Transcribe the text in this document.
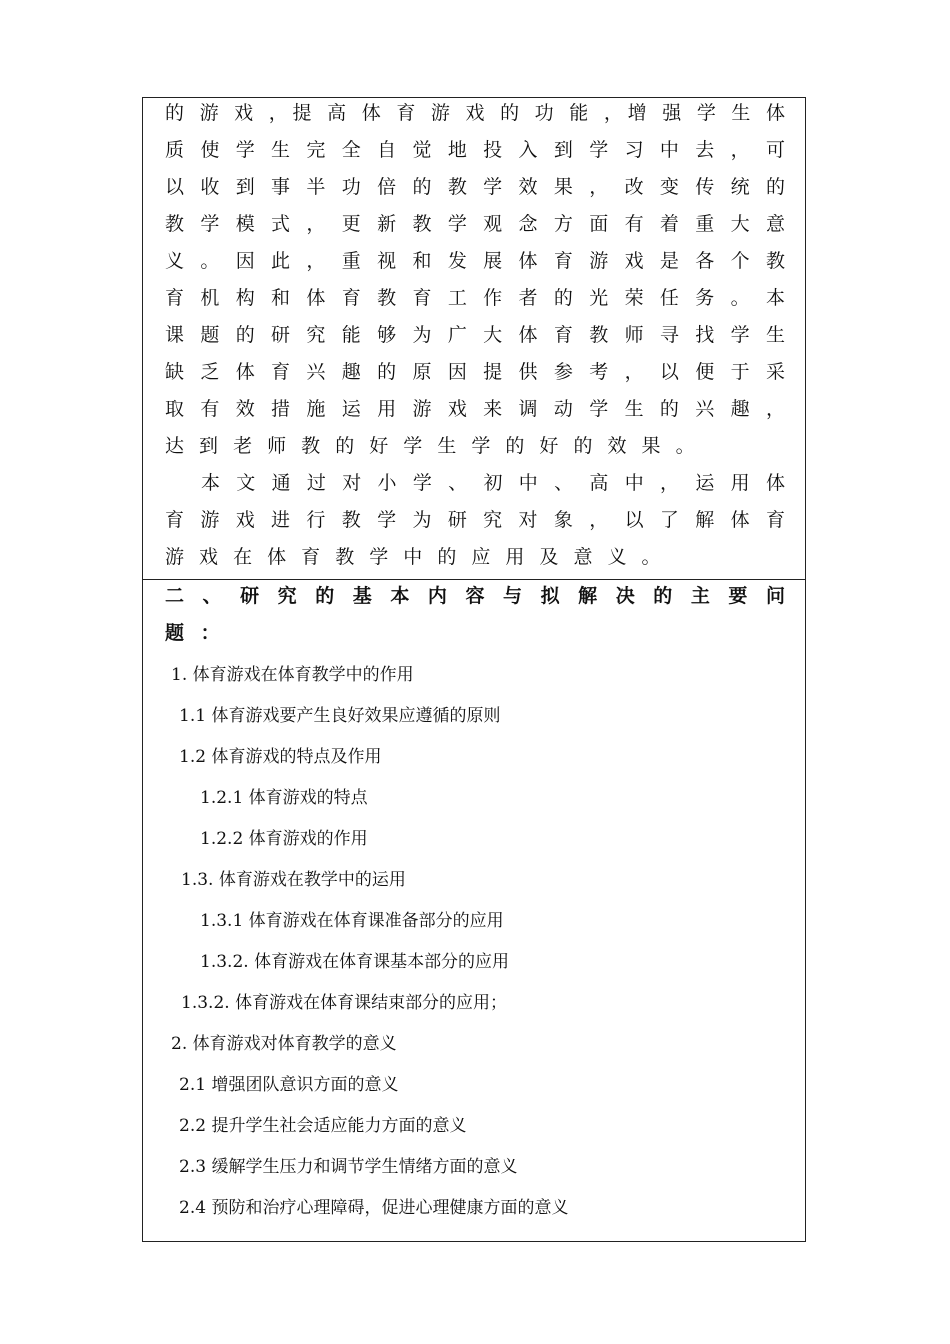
的 游 戏 ，提 高 体 育 游 戏 的 功 能 ，增 强 学 生 体
质 使 学 生 完 全 自 觉 地 投 入 到 学 习 中 去 ， 可
以 收 到 事 半 功 倍 的 教 学 效 果 ， 改 变 传 统 的
教 学 模 式 ， 更 新 教 学 观 念 方 面 有 着 重 大 意
义 。 因 此 ， 重 视 和 发 展 体 育 游 戏 是 各 个 教
育 机 构 和 体 育 教 育 工 作 者 的 光 荣 任 务 。 本
课 题 的 研 究 能 够 为 广 大 体 育 教 师 寻 找 学 生
缺 乏 体 育 兴 趣 的 原 因 提 供 参 考 ， 以 便 于 采
取 有 效 措 施 运 用 游 戏 来 调 动 学 生 的 兴 趣 ，
达 到 老 师 教 的 好 学 生 学 的 好 的 效 果 。
本 文 通 过 对 小 学 、 初 中 、 高 中 ， 运 用 体
育 游 戏 进 行 教 学 为 研 究 对 象 ， 以 了 解 体 育
游 戏 在 体 育 教 学 中 的 应 用 及 意 义 。
二 、 研 究 的 基 本 内 容 与 拟 解 决 的 主 要 问
题 ：
1. 体育游戏在体育教学中的作用
1.1 体育游戏要产生良好效果应遵循的原则
1.2 体育游戏的特点及作用
1.2.1 体育游戏的特点
1.2.2 体育游戏的作用
1.3. 体育游戏在教学中的运用
1.3.1 体育游戏在体育课准备部分的应用
1.3.2. 体育游戏在体育课基本部分的应用
1.3.2. 体育游戏在体育课结束部分的应用；
2. 体育游戏对体育教学的意义
2.1 增强团队意识方面的意义
2.2 提升学生社会适应能力方面的意义
2.3 缓解学生压力和调节学生情绪方面的意义
2.4 预防和治疗心理障碍，促进心理健康方面的意义
